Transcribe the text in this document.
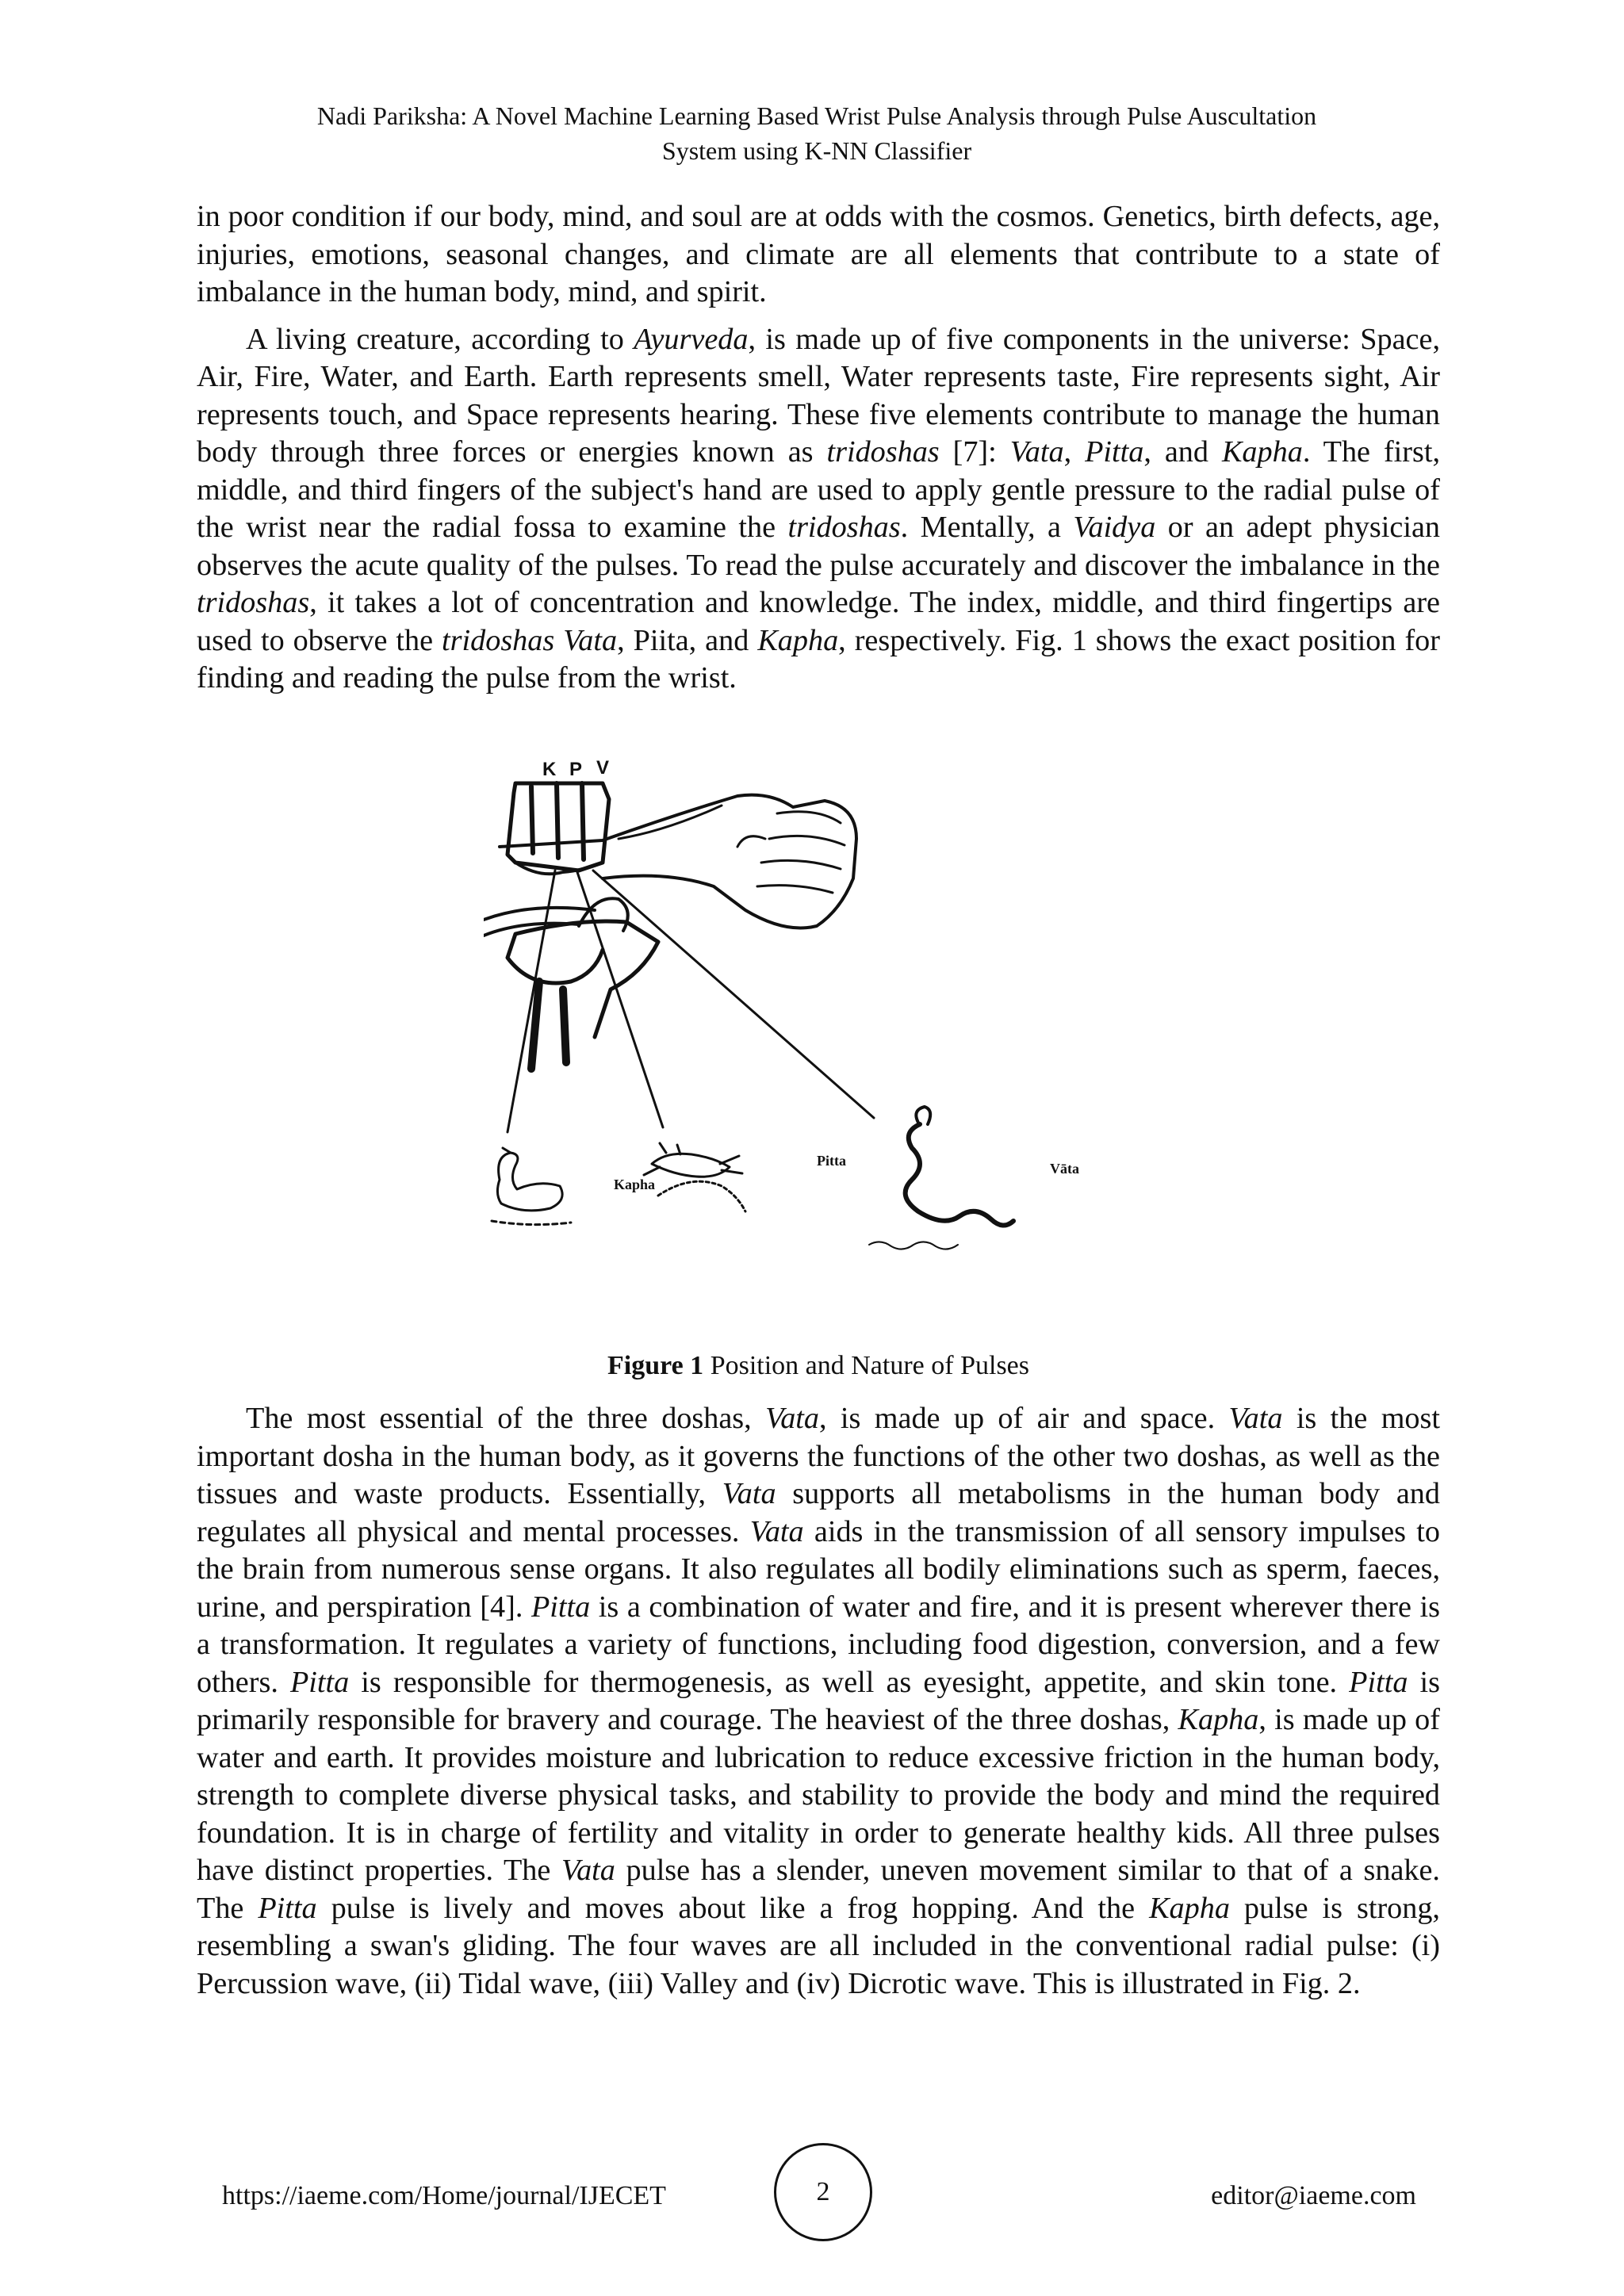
Nadi Pariksha: A Novel Machine Learning Based Wrist Pulse Analysis through Pulse Auscultation
System using K-NN Classifier

in poor condition if our body, mind, and soul are at odds with the cosmos. Genetics, birth defects, age, injuries, emotions, seasonal changes, and climate are all elements that contribute to a state of imbalance in the human body, mind, and spirit.

A living creature, according to Ayurveda, is made up of five components in the universe: Space, Air, Fire, Water, and Earth. Earth represents smell, Water represents taste, Fire represents sight, Air represents touch, and Space represents hearing. These five elements contribute to manage the human body through three forces or energies known as tridoshas [7]: Vata, Pitta, and Kapha. The first, middle, and third fingers of the subject's hand are used to apply gentle pressure to the radial pulse of the wrist near the radial fossa to examine the tridoshas. Mentally, a Vaidya or an adept physician observes the acute quality of the pulses. To read the pulse accurately and discover the imbalance in the tridoshas, it takes a lot of concentration and knowledge. The index, middle, and third fingertips are used to observe the tridoshas Vata, Piita, and Kapha, respectively. Fig. 1 shows the exact position for finding and reading the pulse from the wrist.

K P V
Kapha
Pitta	Vāta
Figure 1 Position and Nature of Pulses

The most essential of the three doshas, Vata, is made up of air and space. Vata is the most important dosha in the human body, as it governs the functions of the other two doshas, as well as the tissues and waste products. Essentially, Vata supports all metabolisms in the human body and regulates all physical and mental processes. Vata aids in the transmission of all sensory impulses to the brain from numerous sense organs. It also regulates all bodily eliminations such as sperm, faeces, urine, and perspiration [4]. Pitta is a combination of water and fire, and it is present wherever there is a transformation. It regulates a variety of functions, including food digestion, conversion, and a few others. Pitta is responsible for thermogenesis, as well as eyesight, appetite, and skin tone. Pitta is primarily responsible for bravery and courage. The heaviest of the three doshas, Kapha, is made up of water and earth. It provides moisture and lubrication to reduce excessive friction in the human body, strength to complete diverse physical tasks, and stability to provide the body and mind the required foundation. It is in charge of fertility and vitality in order to generate healthy kids. All three pulses have distinct properties. The Vata pulse has a slender, uneven movement similar to that of a snake. The Pitta pulse is lively and moves about like a frog hopping. And the Kapha pulse is strong, resembling a swan's gliding. The four waves are all included in the conventional radial pulse: (i) Percussion wave, (ii) Tidal wave, (iii) Valley and (iv) Dicrotic wave. This is illustrated in Fig. 2.

https://iaeme.com/Home/journal/IJECET	2	editor@iaeme.com
